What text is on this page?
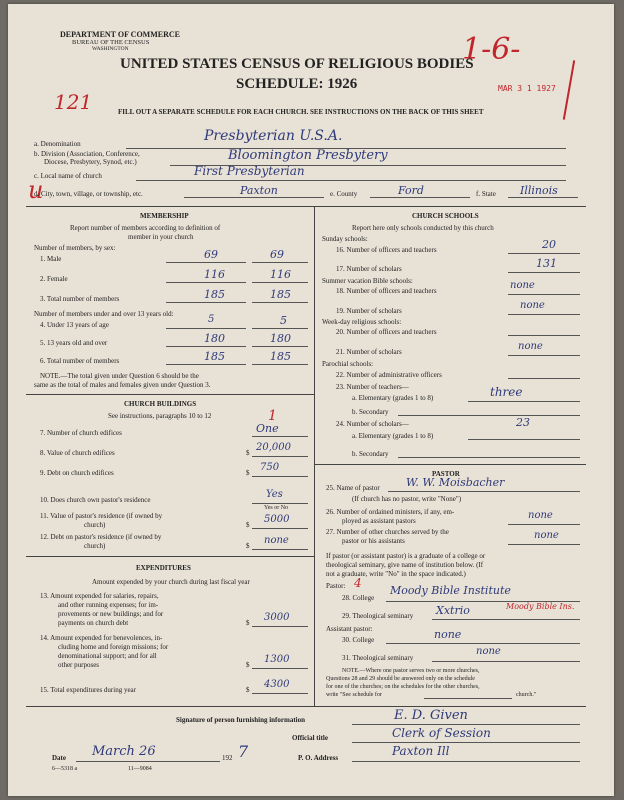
DEPARTMENT OF COMMERCE
BUREAU OF THE CENSUS
WASHINGTON
UNITED STATES CENSUS OF RELIGIOUS BODIES
SCHEDULE: 1926
FILL OUT A SEPARATE SCHEDULE FOR EACH CHURCH. SEE INSTRUCTIONS ON THE BACK OF THIS SHEET
121
1-6-
MAR 3 1 1927
u
a. Denomination	Presbyterian U.S.A.
b. Division (Association, Conference,
Diocese, Presbytery, Synod, etc.)	Bloomington Presbytery
c. Local name of church	First Presbyterian
d. City, town, village, or township, etc.	Paxton	e. County	Ford	f. State Illinois
MEMBERSHIP
Report number of members according to definition of
member in your church
Number of members, by sex:
1. Male	69	69
2. Female	116	116
3. Total number of members	185	185
Number of members under and over 13 years old:
4. Under 13 years of age	5	5
5. 13 years old and over	180	180
6. Total number of members	185	185
NOTE.—The total given under Question 6 should be the
same as the total of males and females given under Question 3.
CHURCH BUILDINGS
See instructions, paragraphs 10 to 12	1
7. Number of church edifices	One
8. Value of church edifices	$ 20,000
9. Debt on church edifices	$ 750
10. Does church own pastor's residence	Yes
Yes or No
11. Value of pastor's residence (if owned by
church)	$ 5000
12. Debt on pastor's residence (if owned by
church)	$ none
EXPENDITURES
Amount expended by your church during last fiscal year
13. Amount expended for salaries, repairs,
and other running expenses; for im-
provements or new buildings; and for
payments on church debt	$ 3000
14. Amount expended for benevolences, in-
cluding home and foreign missions; for
denominational support; and for all
other purposes	$ 1300
15. Total expenditures during year	$ 4300
CHURCH SCHOOLS
Report here only schools conducted by this church
Sunday schools:
16. Number of officers and teachers	20
17. Number of scholars	131
Summer vacation Bible schools:
18. Number of officers and teachers	none
19. Number of scholars	none
Week-day religious schools:
20. Number of officers and teachers
21. Number of scholars	none
Parochial schools:
22. Number of administrative officers
23. Number of teachers—
a. Elementary (grades 1 to 8)	three
b. Secondary
24. Number of scholars—	23
a. Elementary (grades 1 to 8)
b. Secondary
PASTOR
25. Name of pastor W. W. Moisbacher
(If church has no pastor, write "None")
26. Number of ordained ministers, if any, em-
ployed as assistant pastors	none
27. Number of other churches served by the
pastor or his assistants	none
If pastor (or assistant pastor) is a graduate of a college or
theological seminary, give name of institution below. (If
not a graduate, write "No" in the space indicated.)
Pastor: 4
28. College
Moody Bible Institute
29. Theological seminary Xxtrio	Moody Bible Ins.
Assistant pastor:
30. College	none
31. Theological seminary
none
NOTE.—Where one pastor serves two or more churches,
Questions 28 and 29 should be answered only on the schedule
for one of the churches; on the schedules for the other churches,
write "See schedule for	church."
Signature of person furnishing information	E. D. Given
Official title	Clerk of Session
Date March 26	192 7	P. O. Address	Paxton Ill
6—5318 a	11—9084
